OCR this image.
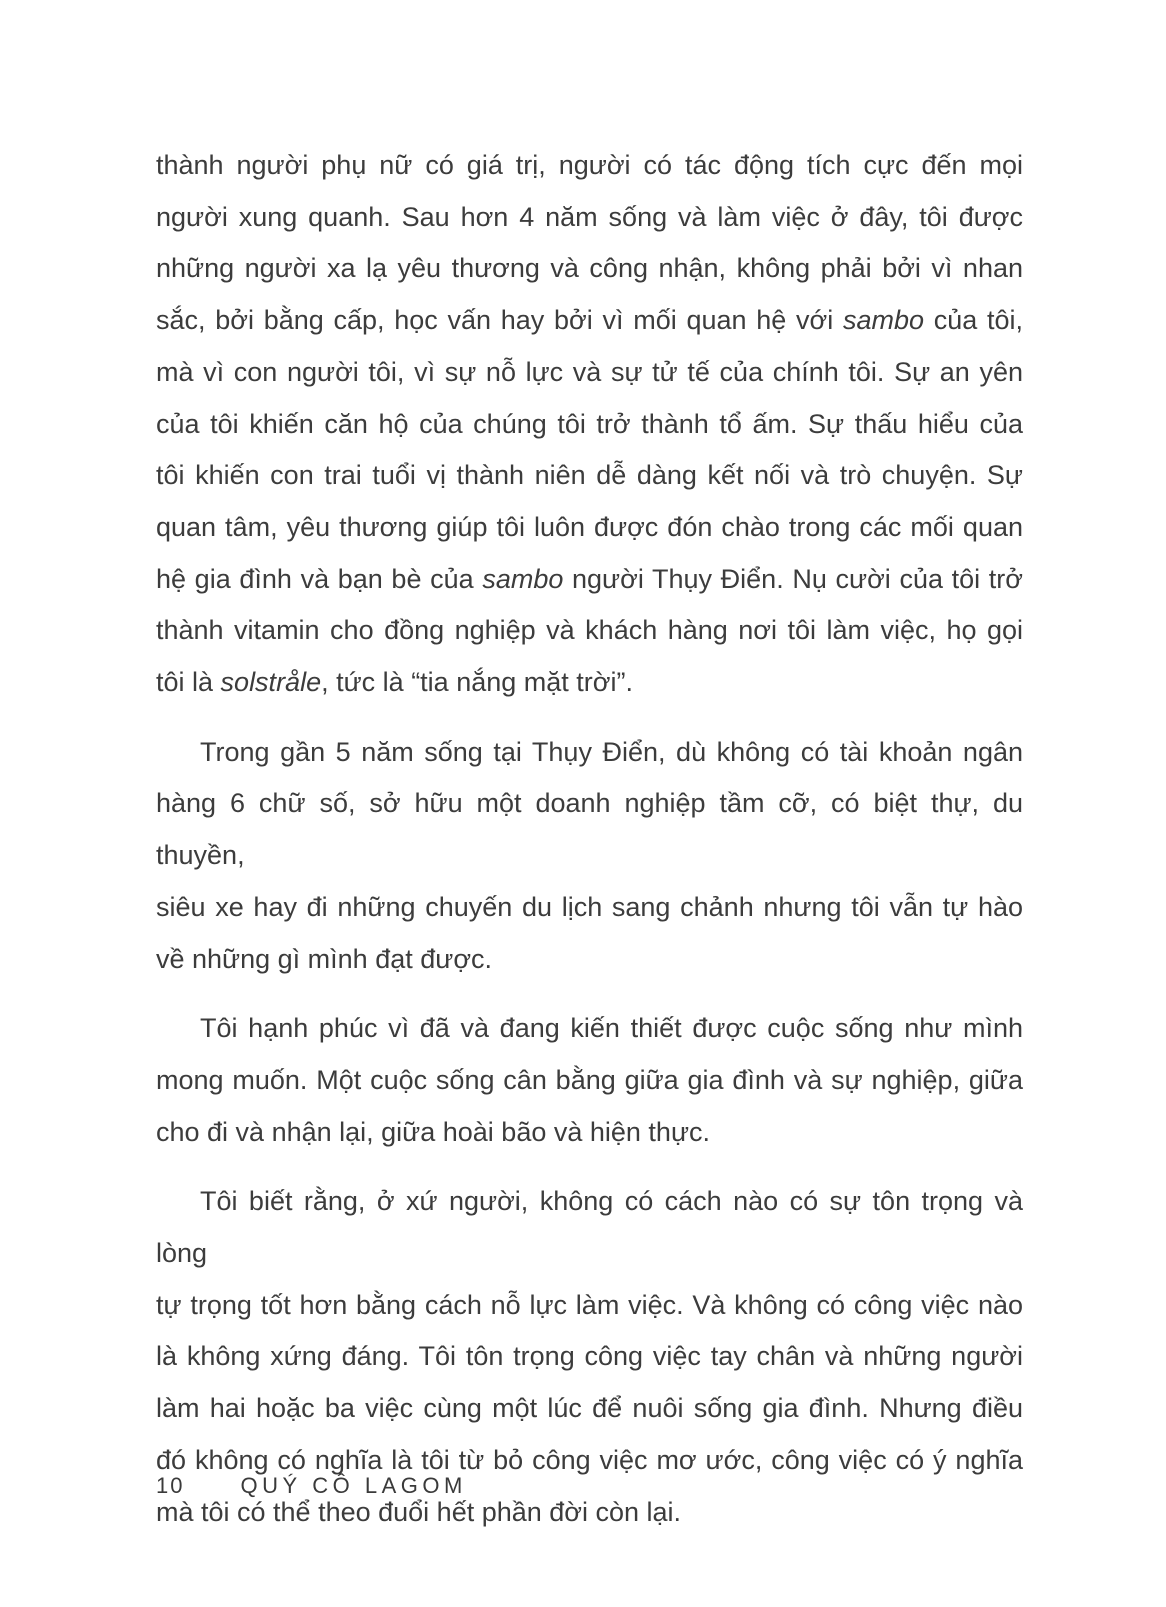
thành người phụ nữ có giá trị, người có tác động tích cực đến mọi
người xung quanh. Sau hơn 4 năm sống và làm việc ở đây, tôi được
những người xa lạ yêu thương và công nhận, không phải bởi vì nhan
sắc, bởi bằng cấp, học vấn hay bởi vì mối quan hệ với sambo của tôi,
mà vì con người tôi, vì sự nỗ lực và sự tử tế của chính tôi. Sự an yên
của tôi khiến căn hộ của chúng tôi trở thành tổ ấm. Sự thấu hiểu của
tôi khiến con trai tuổi vị thành niên dễ dàng kết nối và trò chuyện. Sự
quan tâm, yêu thương giúp tôi luôn được đón chào trong các mối quan
hệ gia đình và bạn bè của sambo người Thụy Điển. Nụ cười của tôi trở
thành vitamin cho đồng nghiệp và khách hàng nơi tôi làm việc, họ gọi
tôi là solstråle, tức là “tia nắng mặt trời”.
Trong gần 5 năm sống tại Thụy Điển, dù không có tài khoản ngân
hàng 6 chữ số, sở hữu một doanh nghiệp tầm cỡ, có biệt thự, du thuyền,
siêu xe hay đi những chuyến du lịch sang chảnh nhưng tôi vẫn tự hào
về những gì mình đạt được.
Tôi hạnh phúc vì đã và đang kiến thiết được cuộc sống như mình
mong muốn. Một cuộc sống cân bằng giữa gia đình và sự nghiệp, giữa
cho đi và nhận lại, giữa hoài bão và hiện thực.
Tôi biết rằng, ở xứ người, không có cách nào có sự tôn trọng và lòng
tự trọng tốt hơn bằng cách nỗ lực làm việc. Và không có công việc nào
là không xứng đáng. Tôi tôn trọng công việc tay chân và những người
làm hai hoặc ba việc cùng một lúc để nuôi sống gia đình. Nhưng điều
đó không có nghĩa là tôi từ bỏ công việc mơ ước, công việc có ý nghĩa
mà tôi có thể theo đuổi hết phần đời còn lại.
10	QUÝ CÔ LAGOM
